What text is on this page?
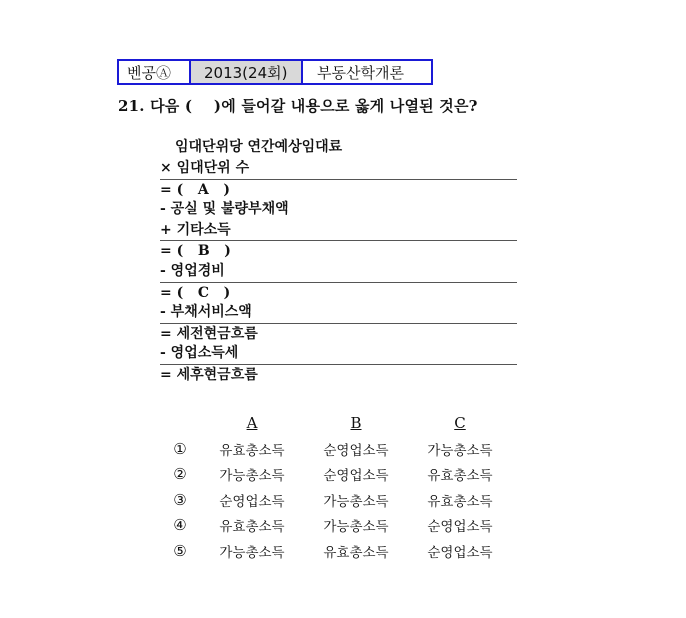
벤공Ⓐ	2013(24회)	부동산학개론
21. 다음 (    )에 들어갈 내용으로 옳게 나열된 것은?
임대단위당 연간예상임대료
× 임대단위 수
= (   A   )
- 공실 및 불량부채액
+ 기타소득
= (   B   )
- 영업경비
= (   C   )
- 부채서비스액
= 세전현금흐름
- 영업소득세
= 세후현금흐름
A	B	C
①	유효총소득	순영업소득	가능총소득
②	가능총소득	순영업소득	유효총소득
③	순영업소득	가능총소득	유효총소득
④	유효총소득	가능총소득	순영업소득
⑤	가능총소득	유효총소득	순영업소득
